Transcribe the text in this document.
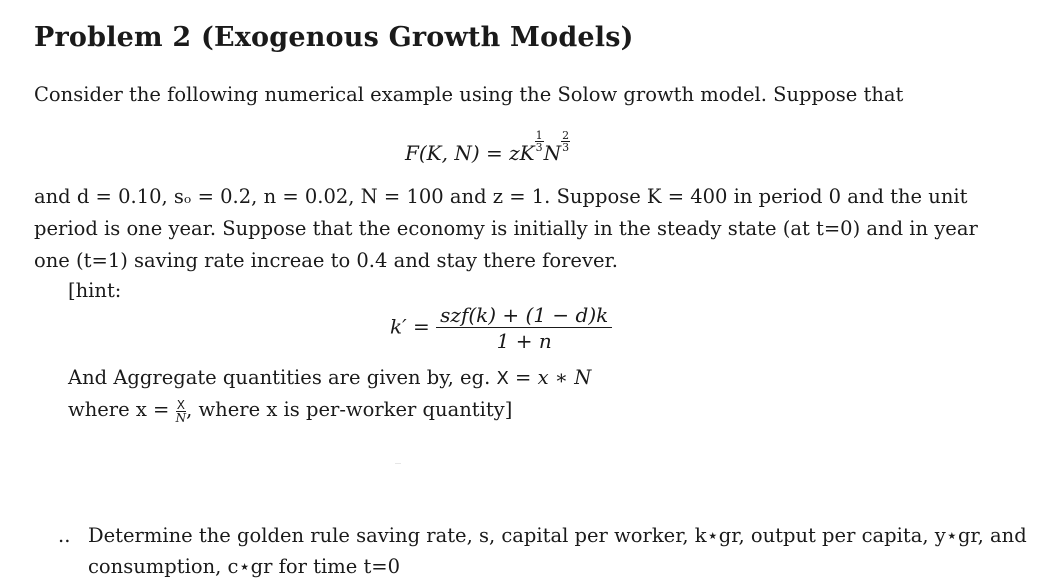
Problem 2 (Exogenous Growth Models)
Consider the following numerical example using the Solow growth model. Suppose that
F(K, N) = zK $\frac{1}{3}$ N $\frac{2}{3}$
and d = 0.10, sₒ = 0.2, n = 0.02, N = 100 and z = 1. Suppose K = 400 in period 0 and the unit
period is one year. Suppose that the economy is initially in the steady state (at t=0) and in year
one (t=1) saving rate increae to 0.4 and stay there forever.
[hint:
$k' = \frac{\text{szf(k) + (1 − d)k}}{1 + n}$
And Aggregate quantities are given by, eg. X = x ∗ N
where $x = \frac{X}{N}$ , where x is per-worker quantity]
.. Determine the golden rule saving rate, s, capital per worker, k⋆gr, output per capita, y⋆gr, and
consumption, c⋆gr for time t=0
